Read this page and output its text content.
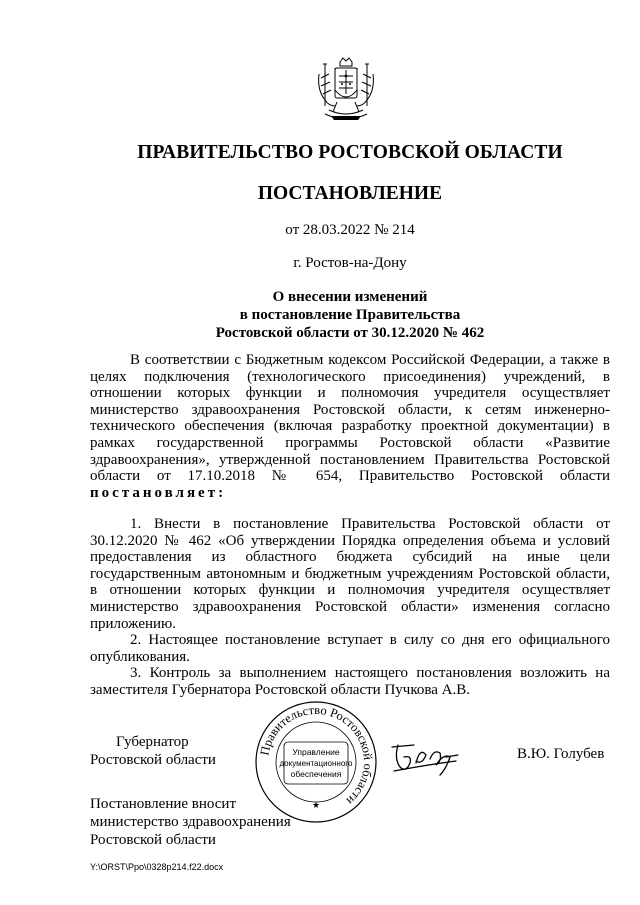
ПРАВИТЕЛЬСТВО РОСТОВСКОЙ ОБЛАСТИ
ПОСТАНОВЛЕНИЕ
от 28.03.2022 № 214
г. Ростов-на-Дону
О внесении изменений
в постановление Правительства
Ростовской области от 30.12.2020 № 462

В соответствии с Бюджетным кодексом Российской Федерации, а также в целях подключения (технологического присоединения) учреждений, в отношении которых функции и полномочия учредителя осуществляет министерство здравоохранения Ростовской области, к сетям инженерно-технического обеспечения (включая разработку проектной документации) в рамках государственной программы Ростовской области «Развитие здравоохранения», утвержденной постановлением Правительства Ростовской области от 17.10.2018 № 654, Правительство Ростовской области постановляет:

1. Внести в постановление Правительства Ростовской области от 30.12.2020 № 462 «Об утверждении Порядка определения объема и условий предоставления из областного бюджета субсидий на иные цели государственным автономным и бюджетным учреждениям Ростовской области, в отношении которых функции и полномочия учредителя осуществляет министерство здравоохранения Ростовской области» изменения согласно приложению.

2. Настоящее постановление вступает в силу со дня его официального опубликования.

3. Контроль за выполнением настоящего постановления возложить на заместителя Губернатора Ростовской области Пучкова А.В.

Губернатор
Ростовской области
Правительство Ростовской области
Управление
документационного
обеспечения
★
В.Ю. Голубев
Постановление вносит
министерство здравоохранения
Ростовской области
Y:\ORST\Ppo\0328p214.f22.docx
